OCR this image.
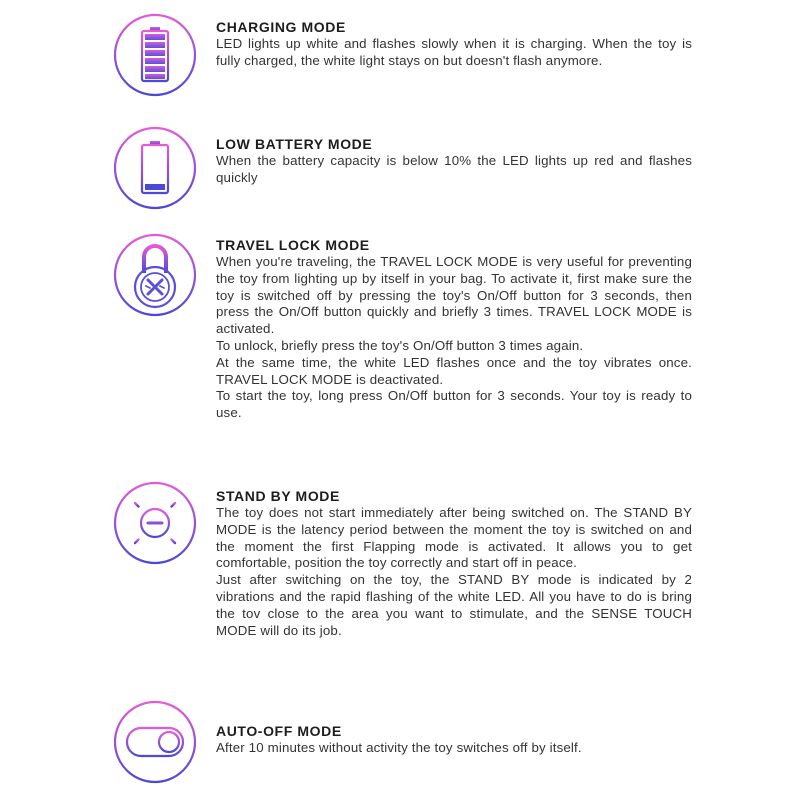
CHARGING MODE

LED lights up white and flashes slowly when it is charging. When the toy is fully charged, the white light stays on but doesn't flash anymore.

LOW BATTERY MODE

When the battery capacity is below 10% the LED lights up red and flashes quickly

TRAVEL LOCK MODE

When you're traveling, the TRAVEL LOCK MODE is very useful for preventing the toy from lighting up by itself in your bag. To activate it, first make sure the toy is switched off by pressing the toy's On/Off button for 3 seconds, then press the On/Off button quickly and briefly 3 times. TRAVEL LOCK MODE is activated.
To unlock, briefly press the toy's On/Off button 3 times again.
At the same time, the white LED flashes once and the toy vibrates once. TRAVEL LOCK MODE is deactivated.
To start the toy, long press On/Off button for 3 seconds. Your toy is ready to use.

STAND BY MODE

The toy does not start immediately after being switched on. The STAND BY MODE is the latency period between the moment the toy is switched on and the moment the first Flapping mode is activated. It allows you to get comfortable, position the toy correctly and start off in peace.
Just after switching on the toy, the STAND BY mode is indicated by 2 vibrations and the rapid flashing of the white LED. All you have to do is bring the tov close to the area you want to stimulate, and the SENSE TOUCH MODE will do its job.

AUTO-OFF MODE

After 10 minutes without activity the toy switches off by itself.
